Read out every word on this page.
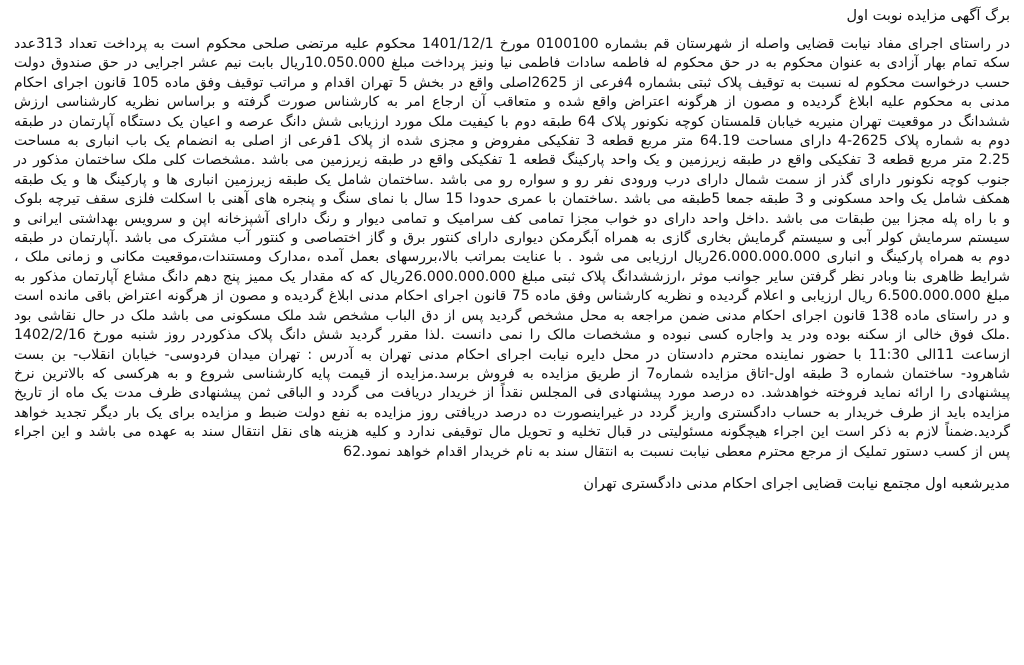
برگ آگهی مزایده نوبت اول

در راستای اجرای مفاد نیابت قضایی واصله از شهرستان قم بشماره 0100100 مورخ 1401/12/1 محکوم علیه مرتضی صلحی محکوم است به پرداخت تعداد 313عدد سکه تمام بهار آزادی به عنوان محکوم به در حق محکوم له فاطمه سادات فاطمی نیا ونیز پرداخت مبلغ 10.050.000ریال بابت نیم عشر اجرایی در حق صندوق دولت حسب درخواست محکوم له نسبت به توقیف پلاک ثبتی بشماره 4فرعی از 2625اصلی واقع در بخش 5 تهران اقدام و مراتب توقیف وفق ماده 105 قانون اجرای احکام مدنی به محکوم علیه ابلاغ گردیده و مصون از هرگونه اعتراض واقع شده و متعاقب آن ارجاع امر به کارشناس صورت گرفته و براساس نظریه کارشناسی ارزش ششدانگ در موقعیت تهران منیریه خیابان قلمستان کوچه نکونور پلاک 64 طبقه دوم با کیفیت ملک مورد ارزیابی شش دانگ عرصه و اعیان یک دستگاه آپارتمان در طبقه دوم به شماره پلاک 2625-4 دارای مساحت 64.19 متر مربع قطعه 3 تفکیکی مفروض و مجزی شده از پلاک 1فرعی از اصلی به انضمام یک باب انباری به مساحت 2.25 متر مربع قطعه 3 تفکیکی واقع در طبقه زیرزمین و یک واحد پارکینگ قطعه 1 تفکیکی واقع در طبقه زیرزمین می باشد .مشخصات کلی ملک ساختمان مذکور در جنوب کوچه نکونور دارای گذر از سمت شمال دارای درب ورودی نفر رو و سواره رو می باشد .ساختمان شامل یک طبقه زیرزمین انباری ها و پارکینگ ها و یک طبقه همکف شامل یک واحد مسکونی و 3 طبقه جمعا 5طبقه می باشد .ساختمان با عمری حدودا 15 سال با نمای سنگ و پنجره های آهنی با اسکلت فلزی سقف تیرچه بلوک و با راه پله مجزا بین طبقات می باشد .داخل واحد دارای دو خواب مجزا تمامی کف سرامیک و تمامی دیوار و رنگ دارای آشپزخانه اپن و سرویس بهداشتی ایرانی و سیستم سرمایش کولر آبی و سیستم گرمایش بخاری گازی به همراه آبگرمکن دیواری دارای کنتور برق و گاز اختصاصی و کنتور آب مشترک می باشد .آپارتمان در طبقه دوم به همراه پارکینگ و انباری 26.000.000.000ریال ارزیابی می شود . با عنایت بمراتب بالا،بررسهای بعمل آمده ،مدارک ومستندات،موقعیت مکانی و زمانی ملک ، شرایط ظاهری بنا وبادر نظر گرفتن سایر جوانب موثر ،ارزششدانگ پلاک ثبتی مبلغ 26.000.000.000ریال که که مقدار یک ممیز پنج دهم دانگ مشاع آپارتمان مذکور به مبلغ 6.500.000.000 ریال ارزیابی و اعلام گردیده و نظریه کارشناس وفق ماده 75 قانون اجرای احکام مدنی ابلاغ گردیده و مصون از هرگونه اعتراض باقی مانده است و در راستای ماده 138 قانون اجرای احکام مدنی ضمن مراجعه به محل مشخص گردید پس از دق الباب مشخص شد ملک مسکونی می باشد ملک در حال نقاشی بود .ملک فوق خالی از سکنه بوده ودر ید واجاره کسی نبوده و مشخصات مالک را نمی دانست .لذا مقرر گردید شش دانگ پلاک مذکوردر روز شنبه مورخ 1402/2/16 ازساعت 11الی 11:30 با حضور نماینده محترم دادستان در محل دایره نیابت اجرای احکام مدنی تهران به آدرس : تهران میدان فردوسی- خیابان انقلاب- بن بست شاهرود- ساختمان شماره 3 طبقه اول-اتاق مزایده شماره7 از طریق مزایده به فروش برسد.مزایده از قیمت پایه کارشناسی شروع و به هرکسی که بالاترین نرخ پیشنهادی را ارائه نماید فروخته خواهدشد. ده درصد مورد پیشنهادی فی المجلس نقداً از خریدار دریافت می گردد و الباقی ثمن پیشنهادی ظرف مدت یک ماه از تاریخ مزایده باید از طرف خریدار به حساب دادگستری واریز گردد در غیراینصورت ده درصد دریافتی روز مزایده به نفع دولت ضبط و مزایده برای یک بار دیگر تجدید خواهد گردید.ضمناً لازم به ذکر است این اجراء هیچگونه مسئولیتی در قبال تخلیه و تحویل مال توقیفی ندارد و کلیه هزینه های نقل انتقال سند به عهده می باشد و این اجراء پس از کسب دستور تملیک از مرجع محترم معطی نیابت نسبت به انتقال سند به نام خریدار اقدام خواهد نمود.62

مدیرشعبه اول مجتمع نیابت قضایی اجرای احکام مدنی دادگستری تهران
